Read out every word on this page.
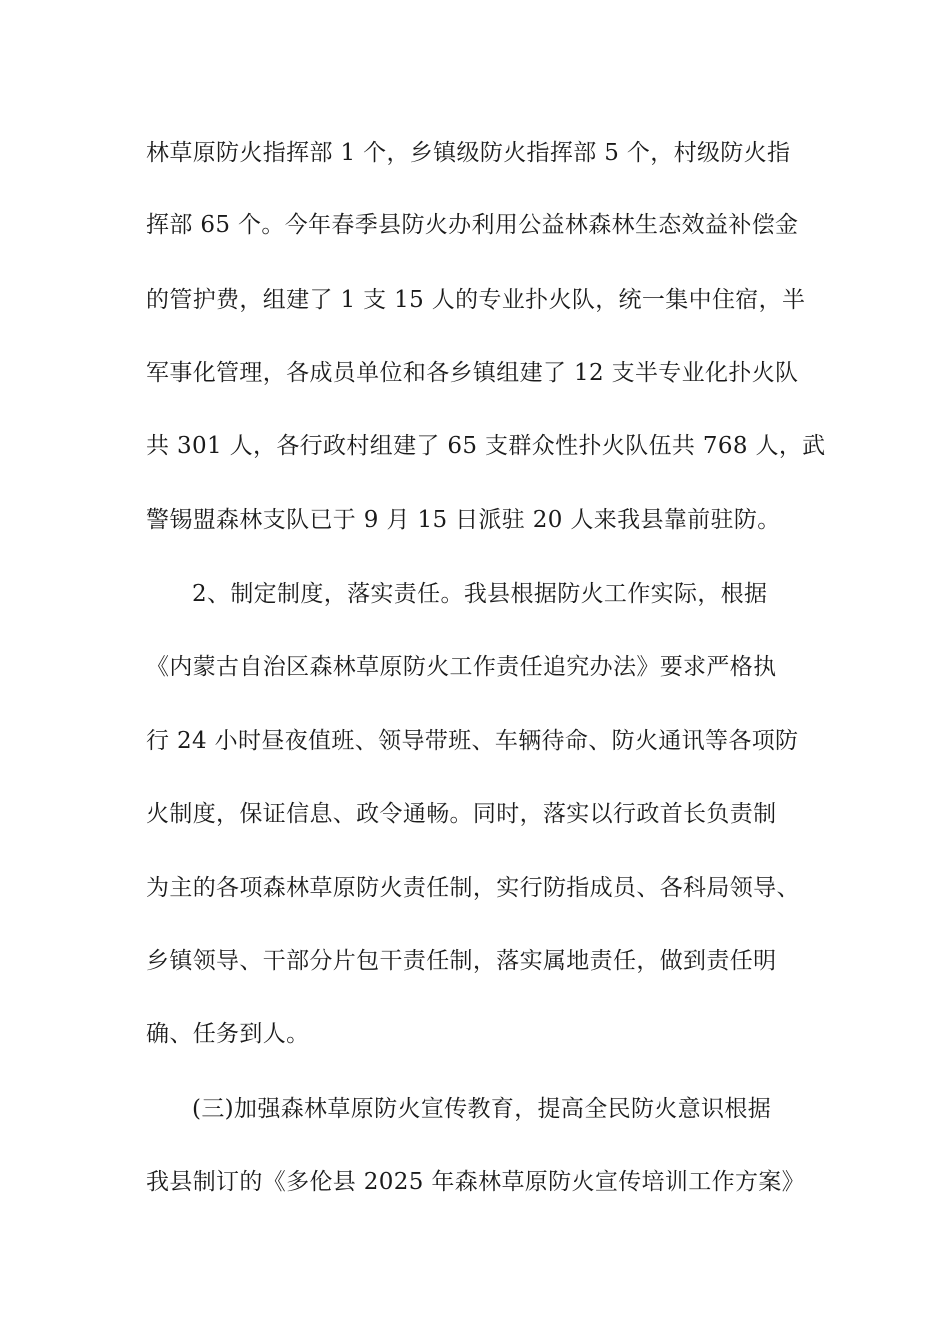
林草原防火指挥部 1 个，乡镇级防火指挥部 5 个，村级防火指
挥部 65 个。今年春季县防火办利用公益林森林生态效益补偿金
的管护费，组建了 1 支 15 人的专业扑火队，统一集中住宿，半
军事化管理，各成员单位和各乡镇组建了 12 支半专业化扑火队
共 301 人，各行政村组建了 65 支群众性扑火队伍共 768 人，武
警锡盟森林支队已于 9 月 15 日派驻 20 人来我县靠前驻防。
2、制定制度，落实责任。我县根据防火工作实际，根据
《内蒙古自治区森林草原防火工作责任追究办法》要求严格执
行 24 小时昼夜值班、领导带班、车辆待命、防火通讯等各项防
火制度，保证信息、政令通畅。同时，落实以行政首长负责制
为主的各项森林草原防火责任制，实行防指成员、各科局领导、
乡镇领导、干部分片包干责任制，落实属地责任，做到责任明
确、任务到人。
(三)加强森林草原防火宣传教育，提高全民防火意识根据
我县制订的《多伦县 2025 年森林草原防火宣传培训工作方案》
